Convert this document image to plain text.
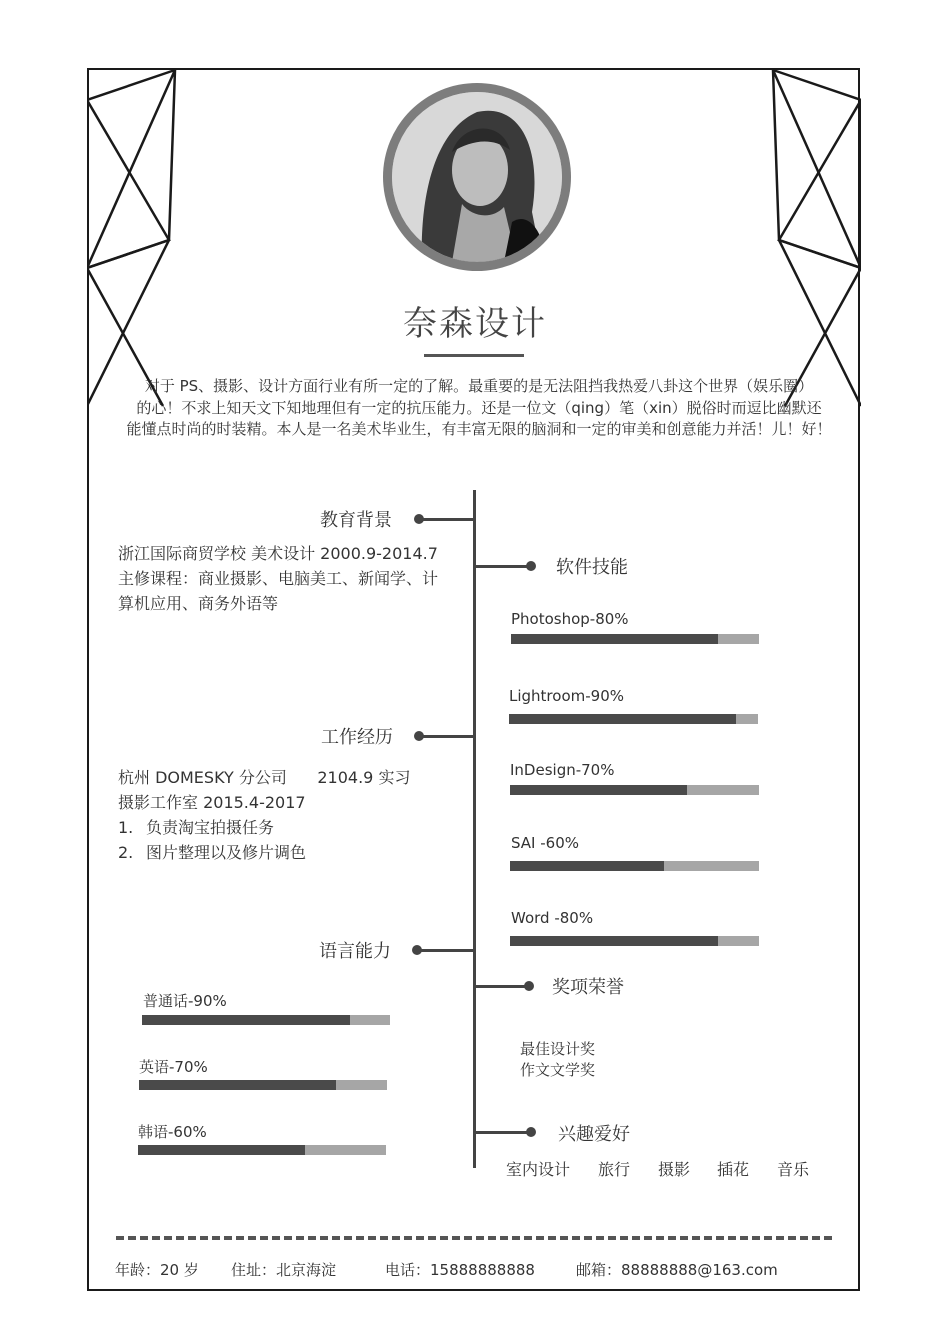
奈森设计
对于 PS、摄影、设计方面行业有所一定的了解。最重要的是无法阻挡我热爱八卦这个世界（娱乐圈）
的心！不求上知天文下知地理但有一定的抗压能力。还是一位文（qing）笔（xin）脱俗时而逗比幽默还
能懂点时尚的时装精。本人是一名美术毕业生，有丰富无限的脑洞和一定的审美和创意能力并活！儿！好！
教育背景
浙江国际商贸学校 美术设计 2000.9-2014.7
主修课程：商业摄影、电脑美工、新闻学、计
算机应用、商务外语等
工作经历
杭州 DOMESKY 分公司      2104.9 实习
摄影工作室 2015.4-2017
1. 负责淘宝拍摄任务
2. 图片整理以及修片调色
语言能力
普通话-90%
英语-70%
韩语-60%
软件技能
Photoshop-80%
Lightroom-90%
InDesign-70%
SAI -60%
Word -80%
奖项荣誉
最佳设计奖
作文文学奖
兴趣爱好
室内设计 旅行 摄影 插花 音乐
年龄：20 岁 住址：北京海淀	电话：15888888888	邮箱：88888888@163.com
